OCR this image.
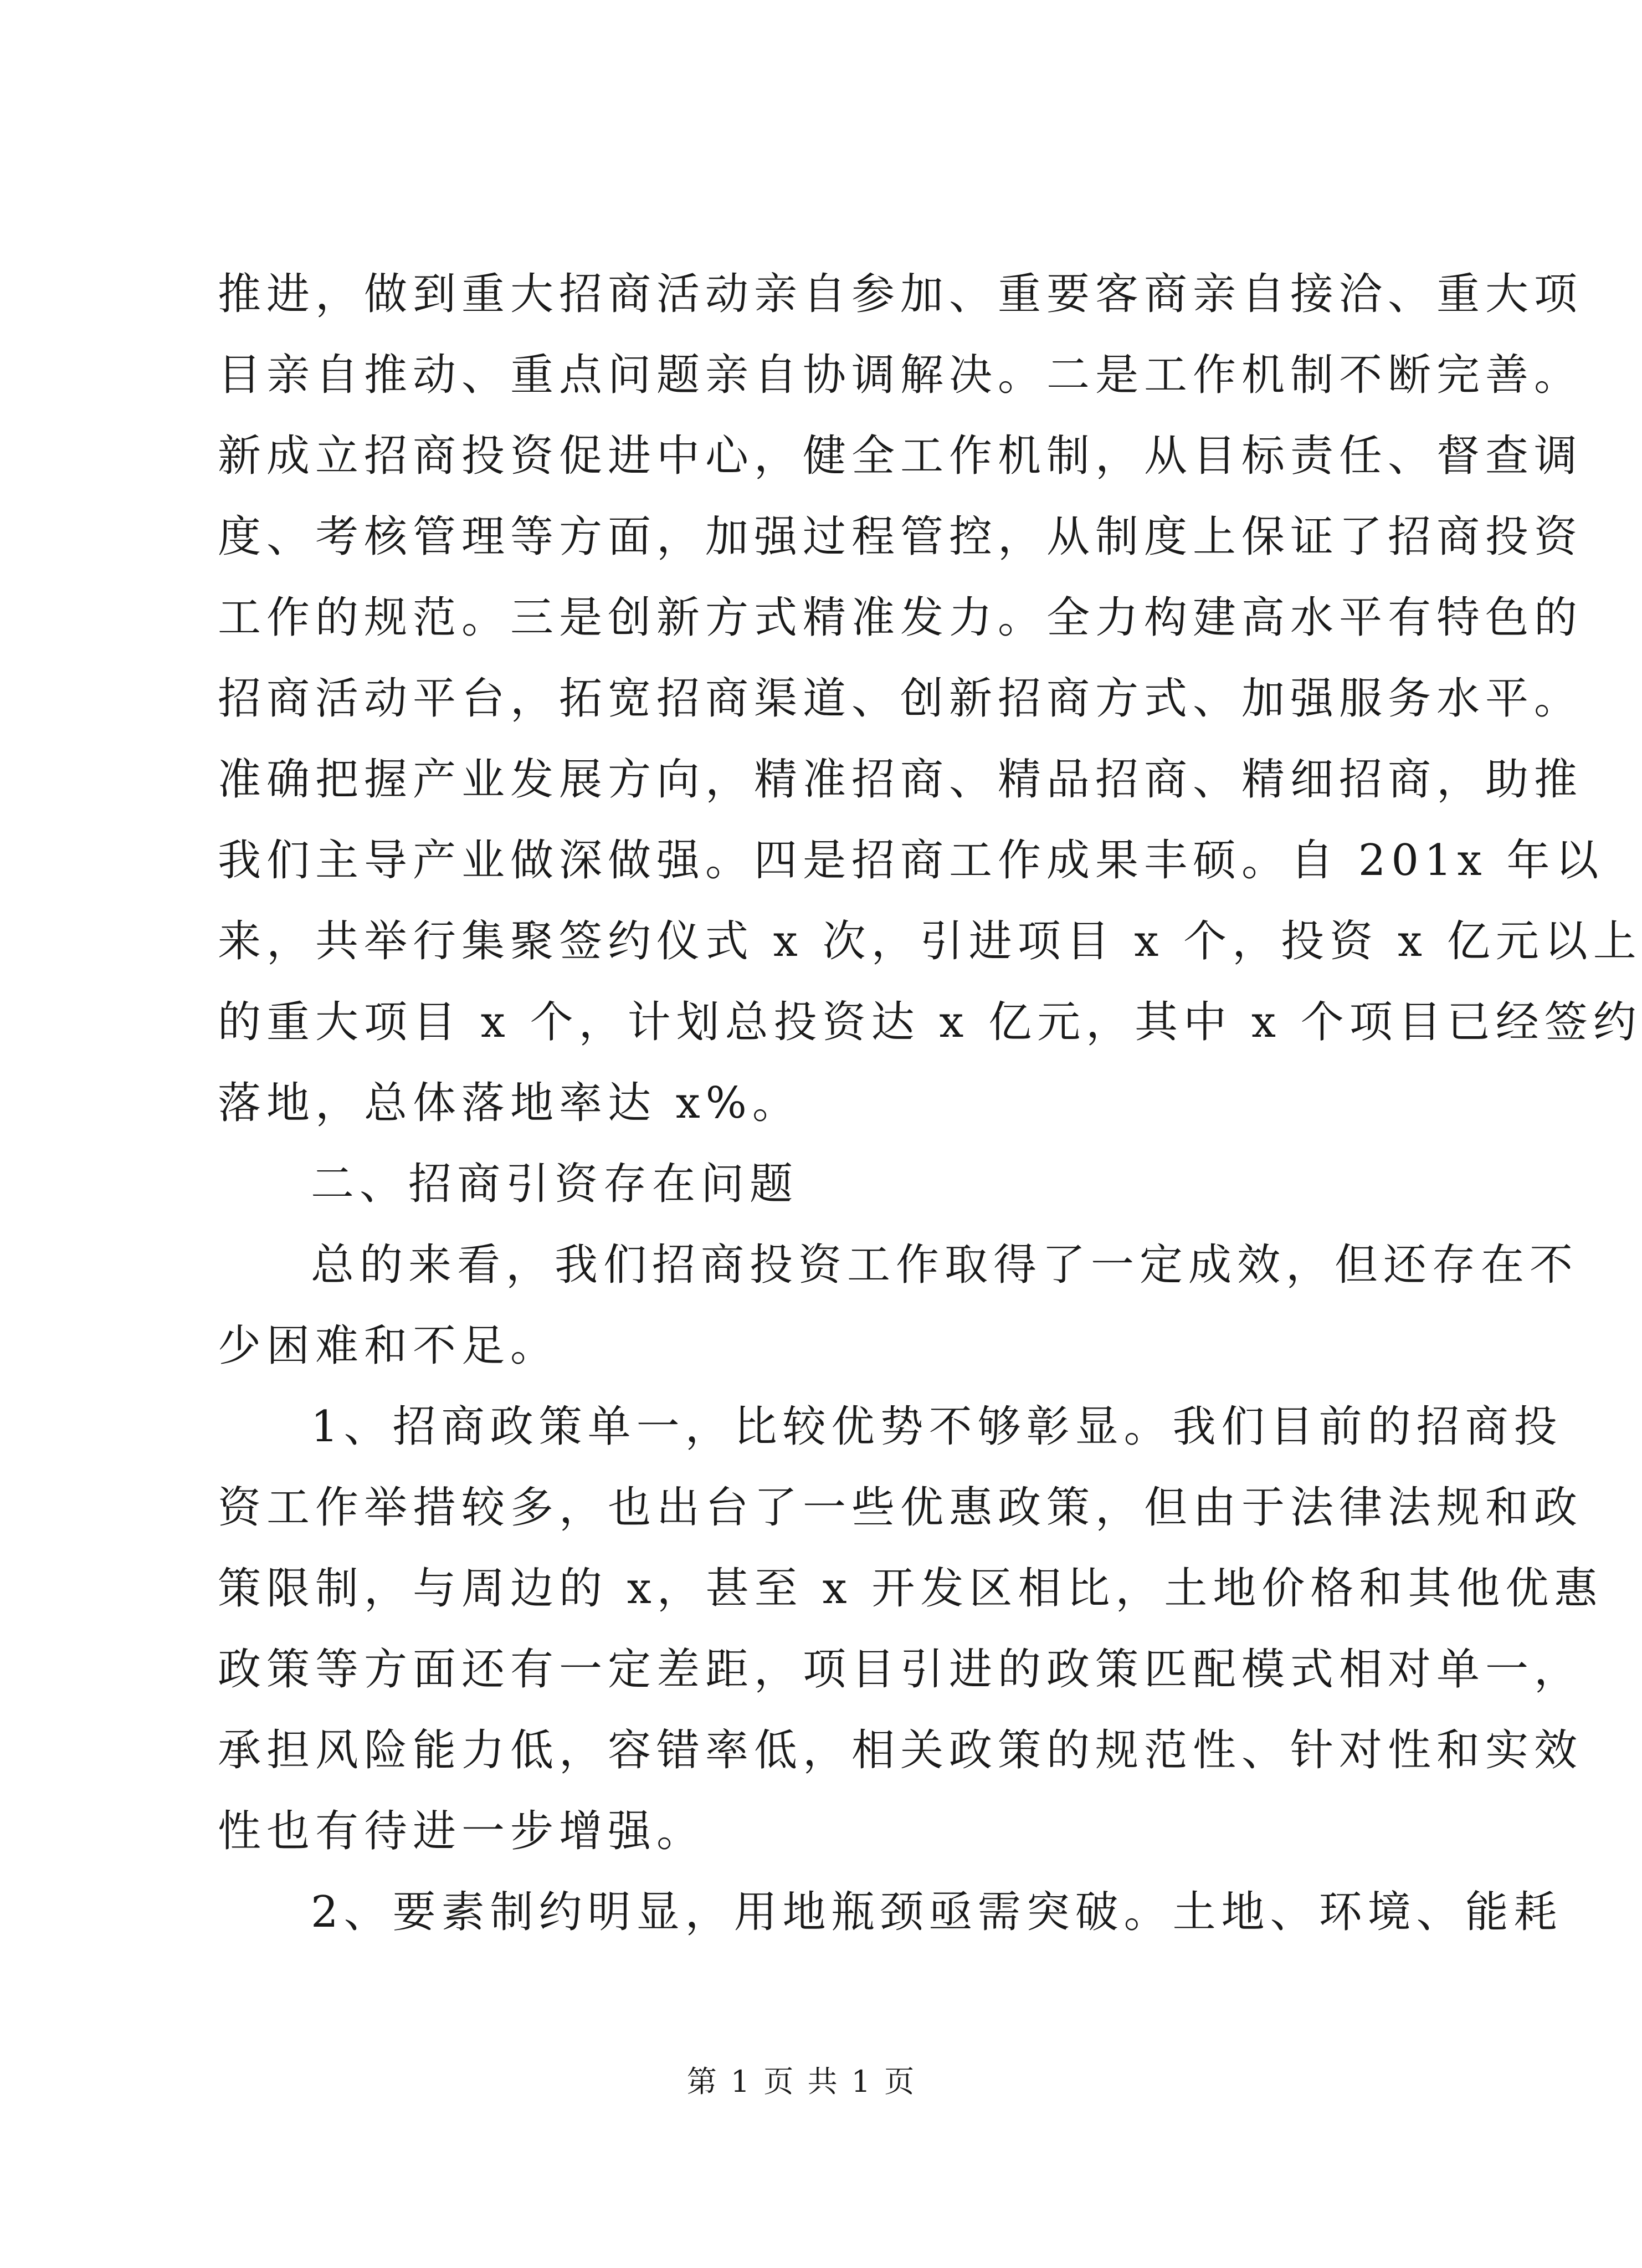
推进，做到重大招商活动亲自参加、重要客商亲自接洽、重大项
目亲自推动、重点问题亲自协调解决。二是工作机制不断完善。
新成立招商投资促进中心，健全工作机制，从目标责任、督查调
度、考核管理等方面，加强过程管控，从制度上保证了招商投资
工作的规范。三是创新方式精准发力。全力构建高水平有特色的
招商活动平台，拓宽招商渠道、创新招商方式、加强服务水平。
准确把握产业发展方向，精准招商、精品招商、精细招商，助推
我们主导产业做深做强。四是招商工作成果丰硕。自 201x 年以
来，共举行集聚签约仪式 x 次，引进项目 x 个，投资 x 亿元以上
的重大项目 x 个，计划总投资达 x 亿元，其中 x 个项目已经签约
落地，总体落地率达 x%。
二、招商引资存在问题
总的来看，我们招商投资工作取得了一定成效，但还存在不
少困难和不足。
1、招商政策单一，比较优势不够彰显。我们目前的招商投
资工作举措较多，也出台了一些优惠政策，但由于法律法规和政
策限制，与周边的 x，甚至 x 开发区相比，土地价格和其他优惠
政策等方面还有一定差距，项目引进的政策匹配模式相对单一，
承担风险能力低，容错率低，相关政策的规范性、针对性和实效
性也有待进一步增强。
2、要素制约明显，用地瓶颈亟需突破。土地、环境、能耗
第 1 页 共 1 页
